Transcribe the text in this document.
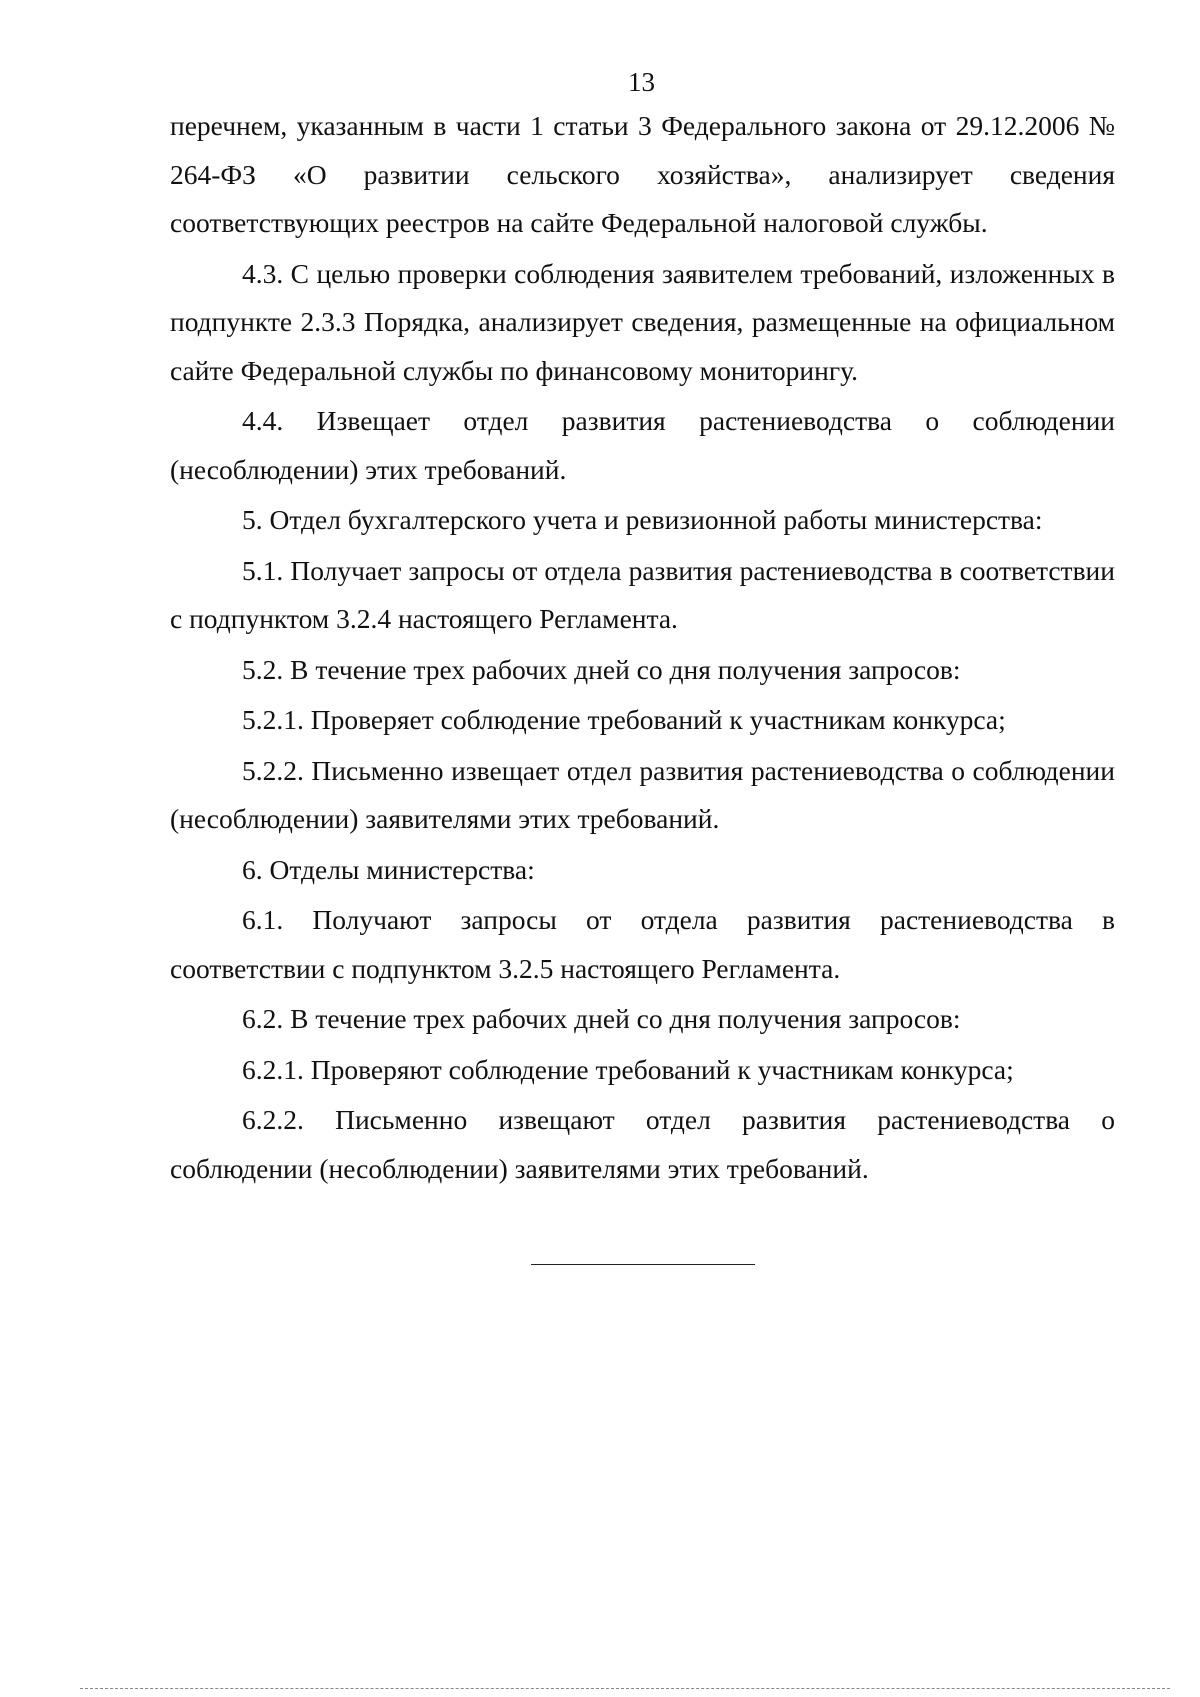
13

перечнем, указанным в части 1 статьи 3 Федерального закона от 29.12.2006 № 264-ФЗ «О развитии сельского хозяйства», анализирует сведения соответствующих реестров на сайте Федеральной налоговой службы.

4.3. С целью проверки соблюдения заявителем требований, изложенных в подпункте 2.3.3 Порядка, анализирует сведения, размещенные на официальном сайте Федеральной службы по финансовому мониторингу.

4.4. Извещает отдел развития растениеводства о соблюдении (несоблюдении) этих требований.

5. Отдел бухгалтерского учета и ревизионной работы министерства:

5.1. Получает запросы от отдела развития растениеводства в соответствии с подпунктом 3.2.4 настоящего Регламента.

5.2. В течение трех рабочих дней со дня получения запросов:

5.2.1. Проверяет соблюдение требований к участникам конкурса;

5.2.2. Письменно извещает отдел развития растениеводства о соблюдении (несоблюдении) заявителями этих требований.

6. Отделы министерства:

6.1. Получают запросы от отдела развития растениеводства в соответствии с подпунктом 3.2.5 настоящего Регламента.

6.2. В течение трех рабочих дней со дня получения запросов:

6.2.1. Проверяют соблюдение требований к участникам конкурса;

6.2.2. Письменно извещают отдел развития растениеводства о соблюдении (несоблюдении) заявителями этих требований.
